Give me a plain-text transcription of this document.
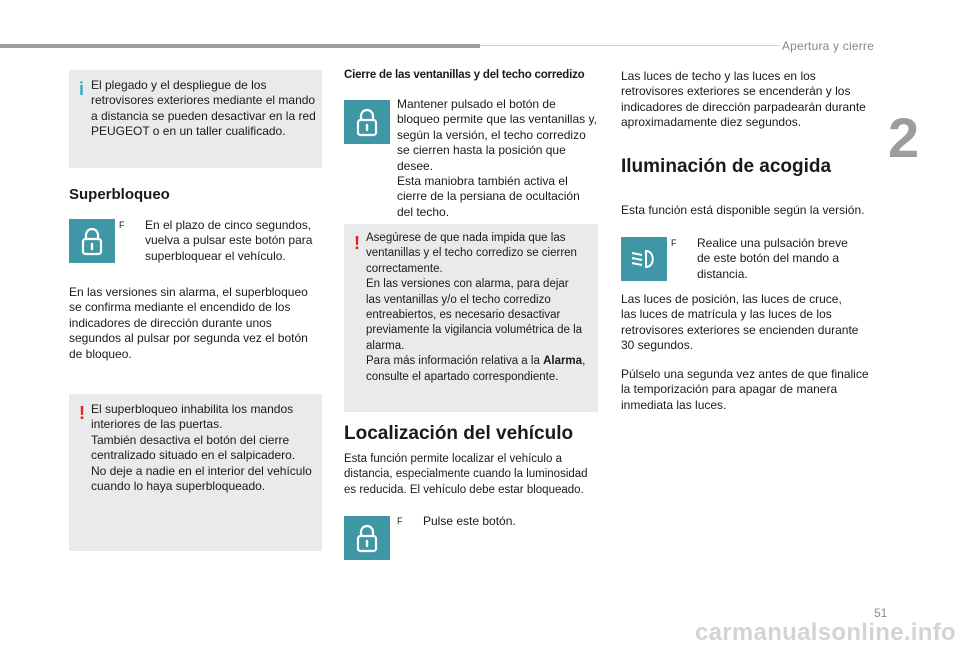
Apertura y cierre
2
51
carmanualsonline.info
i El plegado y el despliegue de los

retrovisores exteriores mediante el mando

a distancia se pueden desactivar en la red

PEUGEOT o en un taller cualificado.

Superbloqueo
F En el plazo de cinco segundos,

vuelva a pulsar este botón para

superbloquear el vehículo.

En las versiones sin alarma, el superbloqueo

se confirma mediante el encendido de los

indicadores de dirección durante unos

segundos al pulsar por segunda vez el botón

de bloqueo.

! El superbloqueo inhabilita los mandos

interiores de las puertas.

También desactiva el botón del cierre

centralizado situado en el salpicadero.

No deje a nadie en el interior del vehículo

cuando lo haya superbloqueado.

Cierre de las ventanillas y del techo corredizo

Mantener pulsado el botón de

bloqueo permite que las ventanillas y,

según la versión, el techo corredizo

se cierren hasta la posición que

desee.

Esta maniobra también activa el

cierre de la persiana de ocultación

del techo.

! Asegúrese de que nada impida que las

ventanillas y el techo corredizo se cierren

correctamente.

En las versiones con alarma, para dejar

las ventanillas y/o el techo corredizo

entreabiertos, es necesario desactivar

previamente la vigilancia volumétrica de la

alarma.

Para más información relativa a la Alarma,

consulte el apartado correspondiente.

Localización del vehículo

Esta función permite localizar el vehículo a

distancia, especialmente cuando la luminosidad

es reducida. El vehículo debe estar bloqueado.

F Pulse este botón.

Las luces de techo y las luces en los

retrovisores exteriores se encenderán y los

indicadores de dirección parpadearán durante

aproximadamente diez segundos.

Iluminación de acogida
Esta función está disponible según la versión.
F Realice una pulsación breve

de este botón del mando a

distancia.

Las luces de posición, las luces de cruce,

las luces de matrícula y las luces de los

retrovisores exteriores se encienden durante

30 segundos.

Púlselo una segunda vez antes de que finalice

la temporización para apagar de manera

inmediata las luces.
